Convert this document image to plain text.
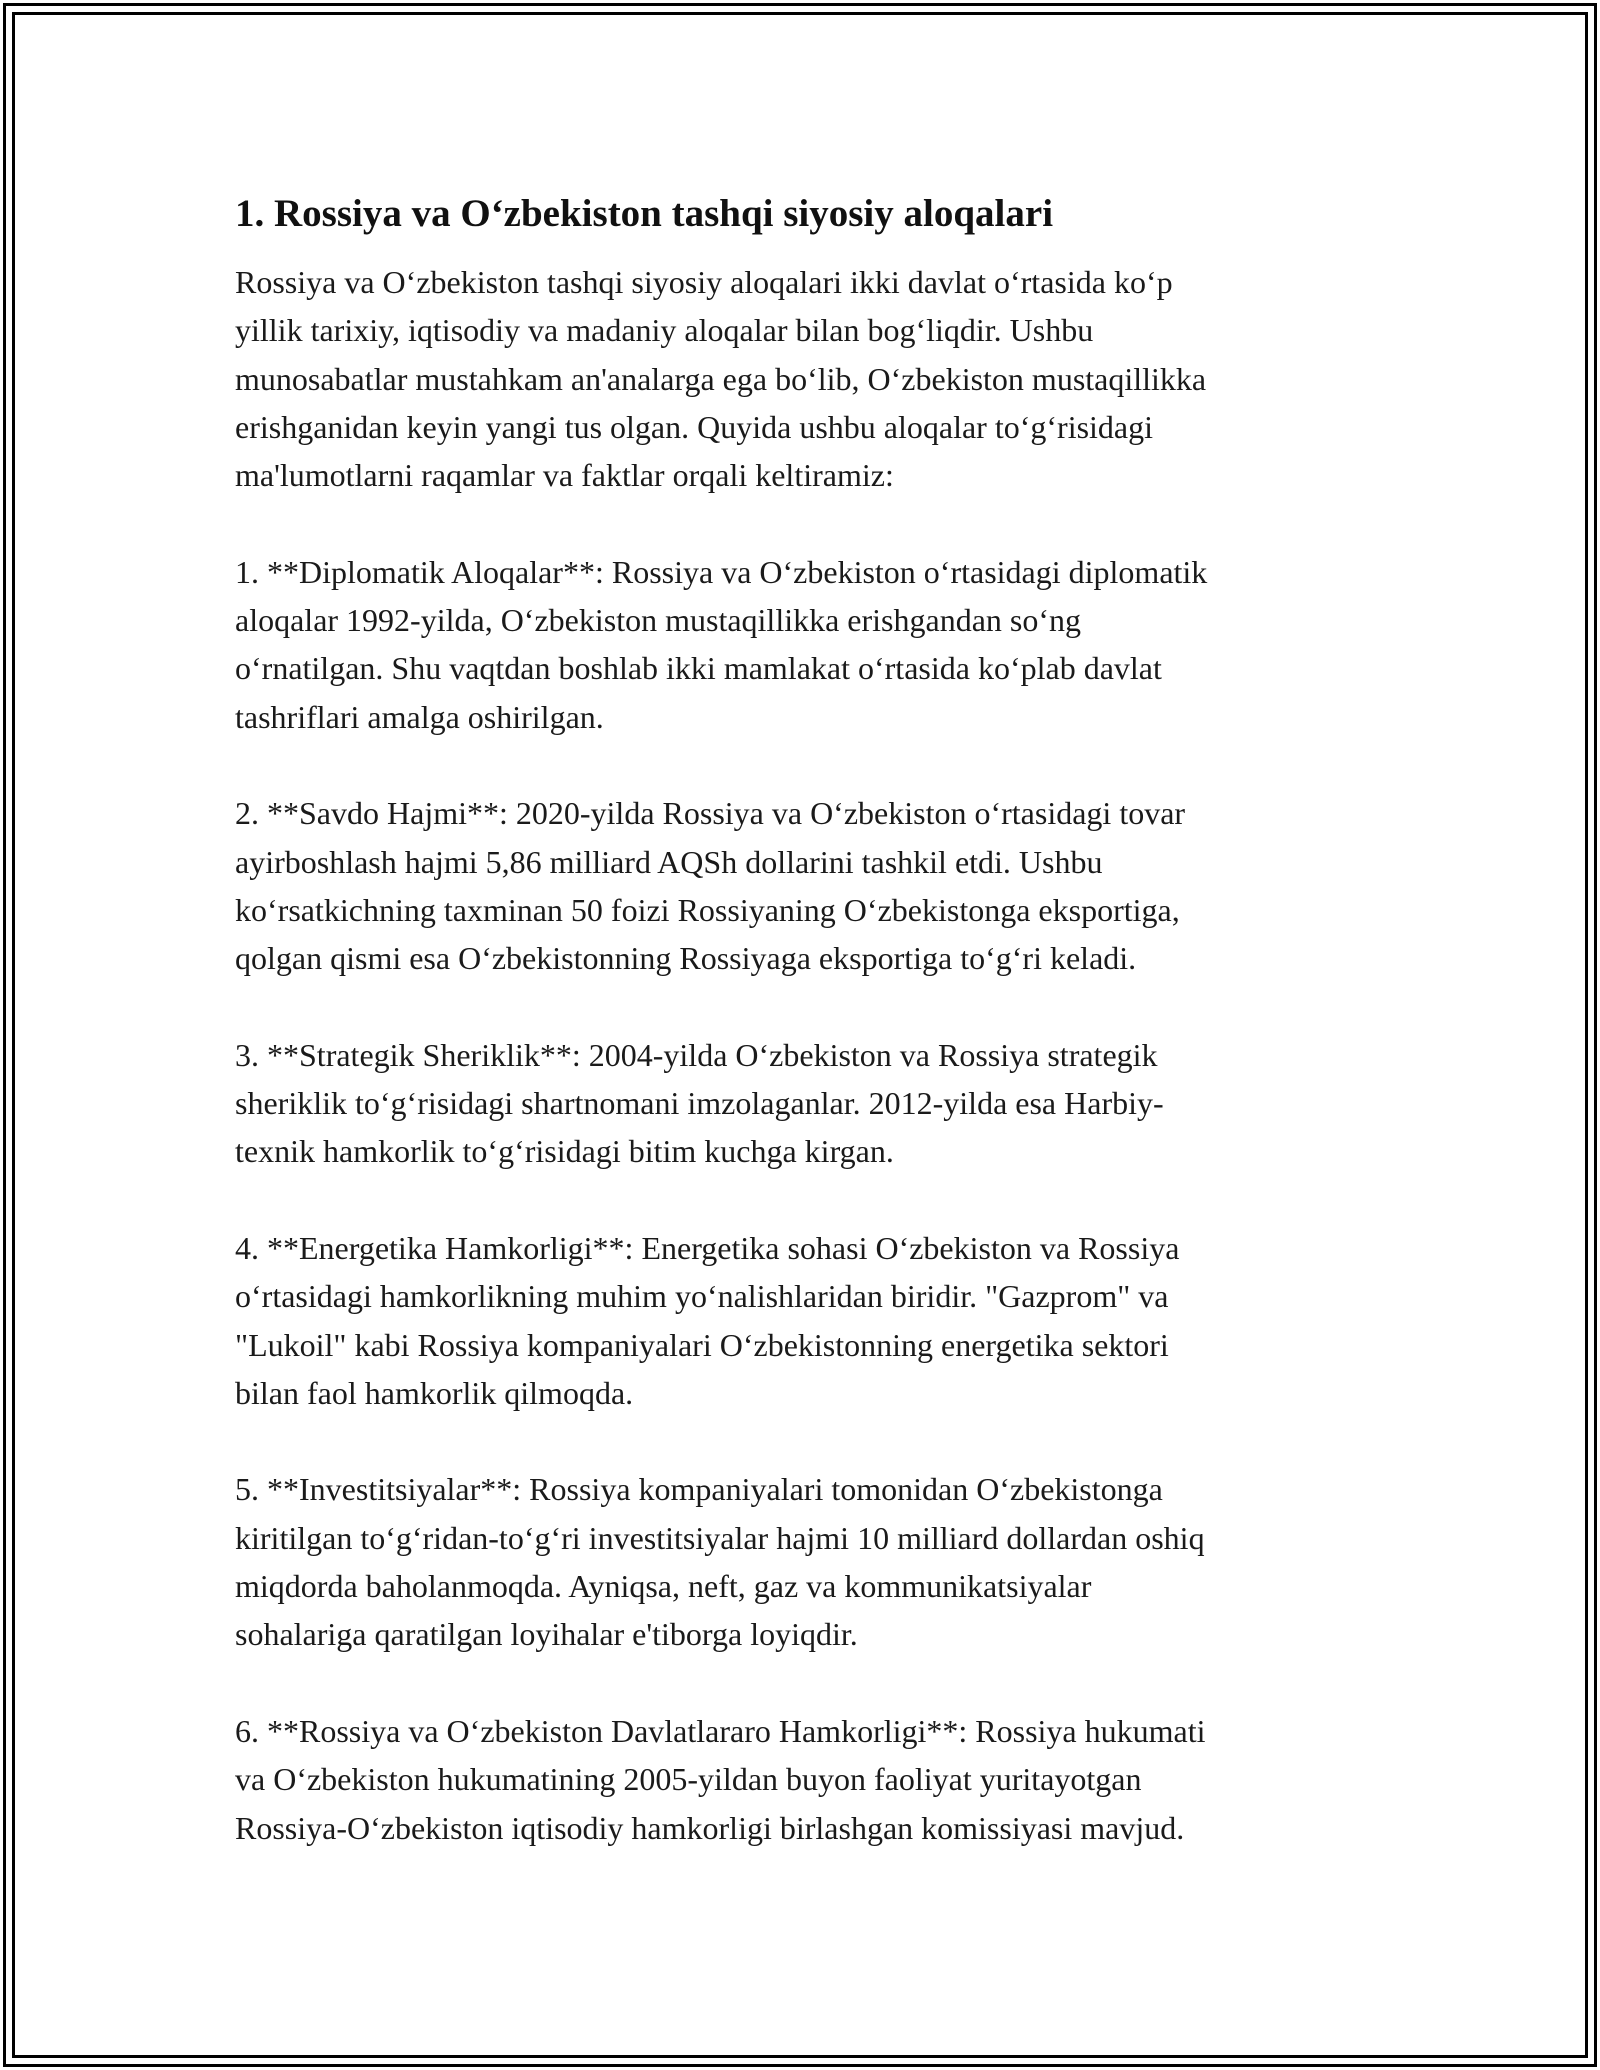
1. Rossiya va O‘zbekiston tashqi siyosiy aloqalari

Rossiya va O‘zbekiston tashqi siyosiy aloqalari ikki davlat o‘rtasida ko‘p
yillik tarixiy, iqtisodiy va madaniy aloqalar bilan bog‘liqdir. Ushbu
munosabatlar mustahkam an'analarga ega bo‘lib, O‘zbekiston mustaqillikka
erishganidan keyin yangi tus olgan. Quyida ushbu aloqalar to‘g‘risidagi
ma'lumotlarni raqamlar va faktlar orqali keltiramiz:

1. **Diplomatik Aloqalar**: Rossiya va O‘zbekiston o‘rtasidagi diplomatik
aloqalar 1992-yilda, O‘zbekiston mustaqillikka erishgandan so‘ng
o‘rnatilgan. Shu vaqtdan boshlab ikki mamlakat o‘rtasida ko‘plab davlat
tashriflari amalga oshirilgan.

2. **Savdo Hajmi**: 2020-yilda Rossiya va O‘zbekiston o‘rtasidagi tovar
ayirboshlash hajmi 5,86 milliard AQSh dollarini tashkil etdi. Ushbu
ko‘rsatkichning taxminan 50 foizi Rossiyaning O‘zbekistonga eksportiga,
qolgan qismi esa O‘zbekistonning Rossiyaga eksportiga to‘g‘ri keladi.

3. **Strategik Sheriklik**: 2004-yilda O‘zbekiston va Rossiya strategik
sheriklik to‘g‘risidagi shartnomani imzolaganlar. 2012-yilda esa Harbiy-
texnik hamkorlik to‘g‘risidagi bitim kuchga kirgan.

4. **Energetika Hamkorligi**: Energetika sohasi O‘zbekiston va Rossiya
o‘rtasidagi hamkorlikning muhim yo‘nalishlaridan biridir. "Gazprom" va
"Lukoil" kabi Rossiya kompaniyalari O‘zbekistonning energetika sektori
bilan faol hamkorlik qilmoqda.

5. **Investitsiyalar**: Rossiya kompaniyalari tomonidan O‘zbekistonga
kiritilgan to‘g‘ridan-to‘g‘ri investitsiyalar hajmi 10 milliard dollardan oshiq
miqdorda baholanmoqda. Ayniqsa, neft, gaz va kommunikatsiyalar
sohalariga qaratilgan loyihalar e'tiborga loyiqdir.

6. **Rossiya va O‘zbekiston Davlatlararo Hamkorligi**: Rossiya hukumati
va O‘zbekiston hukumatining 2005-yildan buyon faoliyat yuritayotgan
Rossiya-O‘zbekiston iqtisodiy hamkorligi birlashgan komissiyasi mavjud.
